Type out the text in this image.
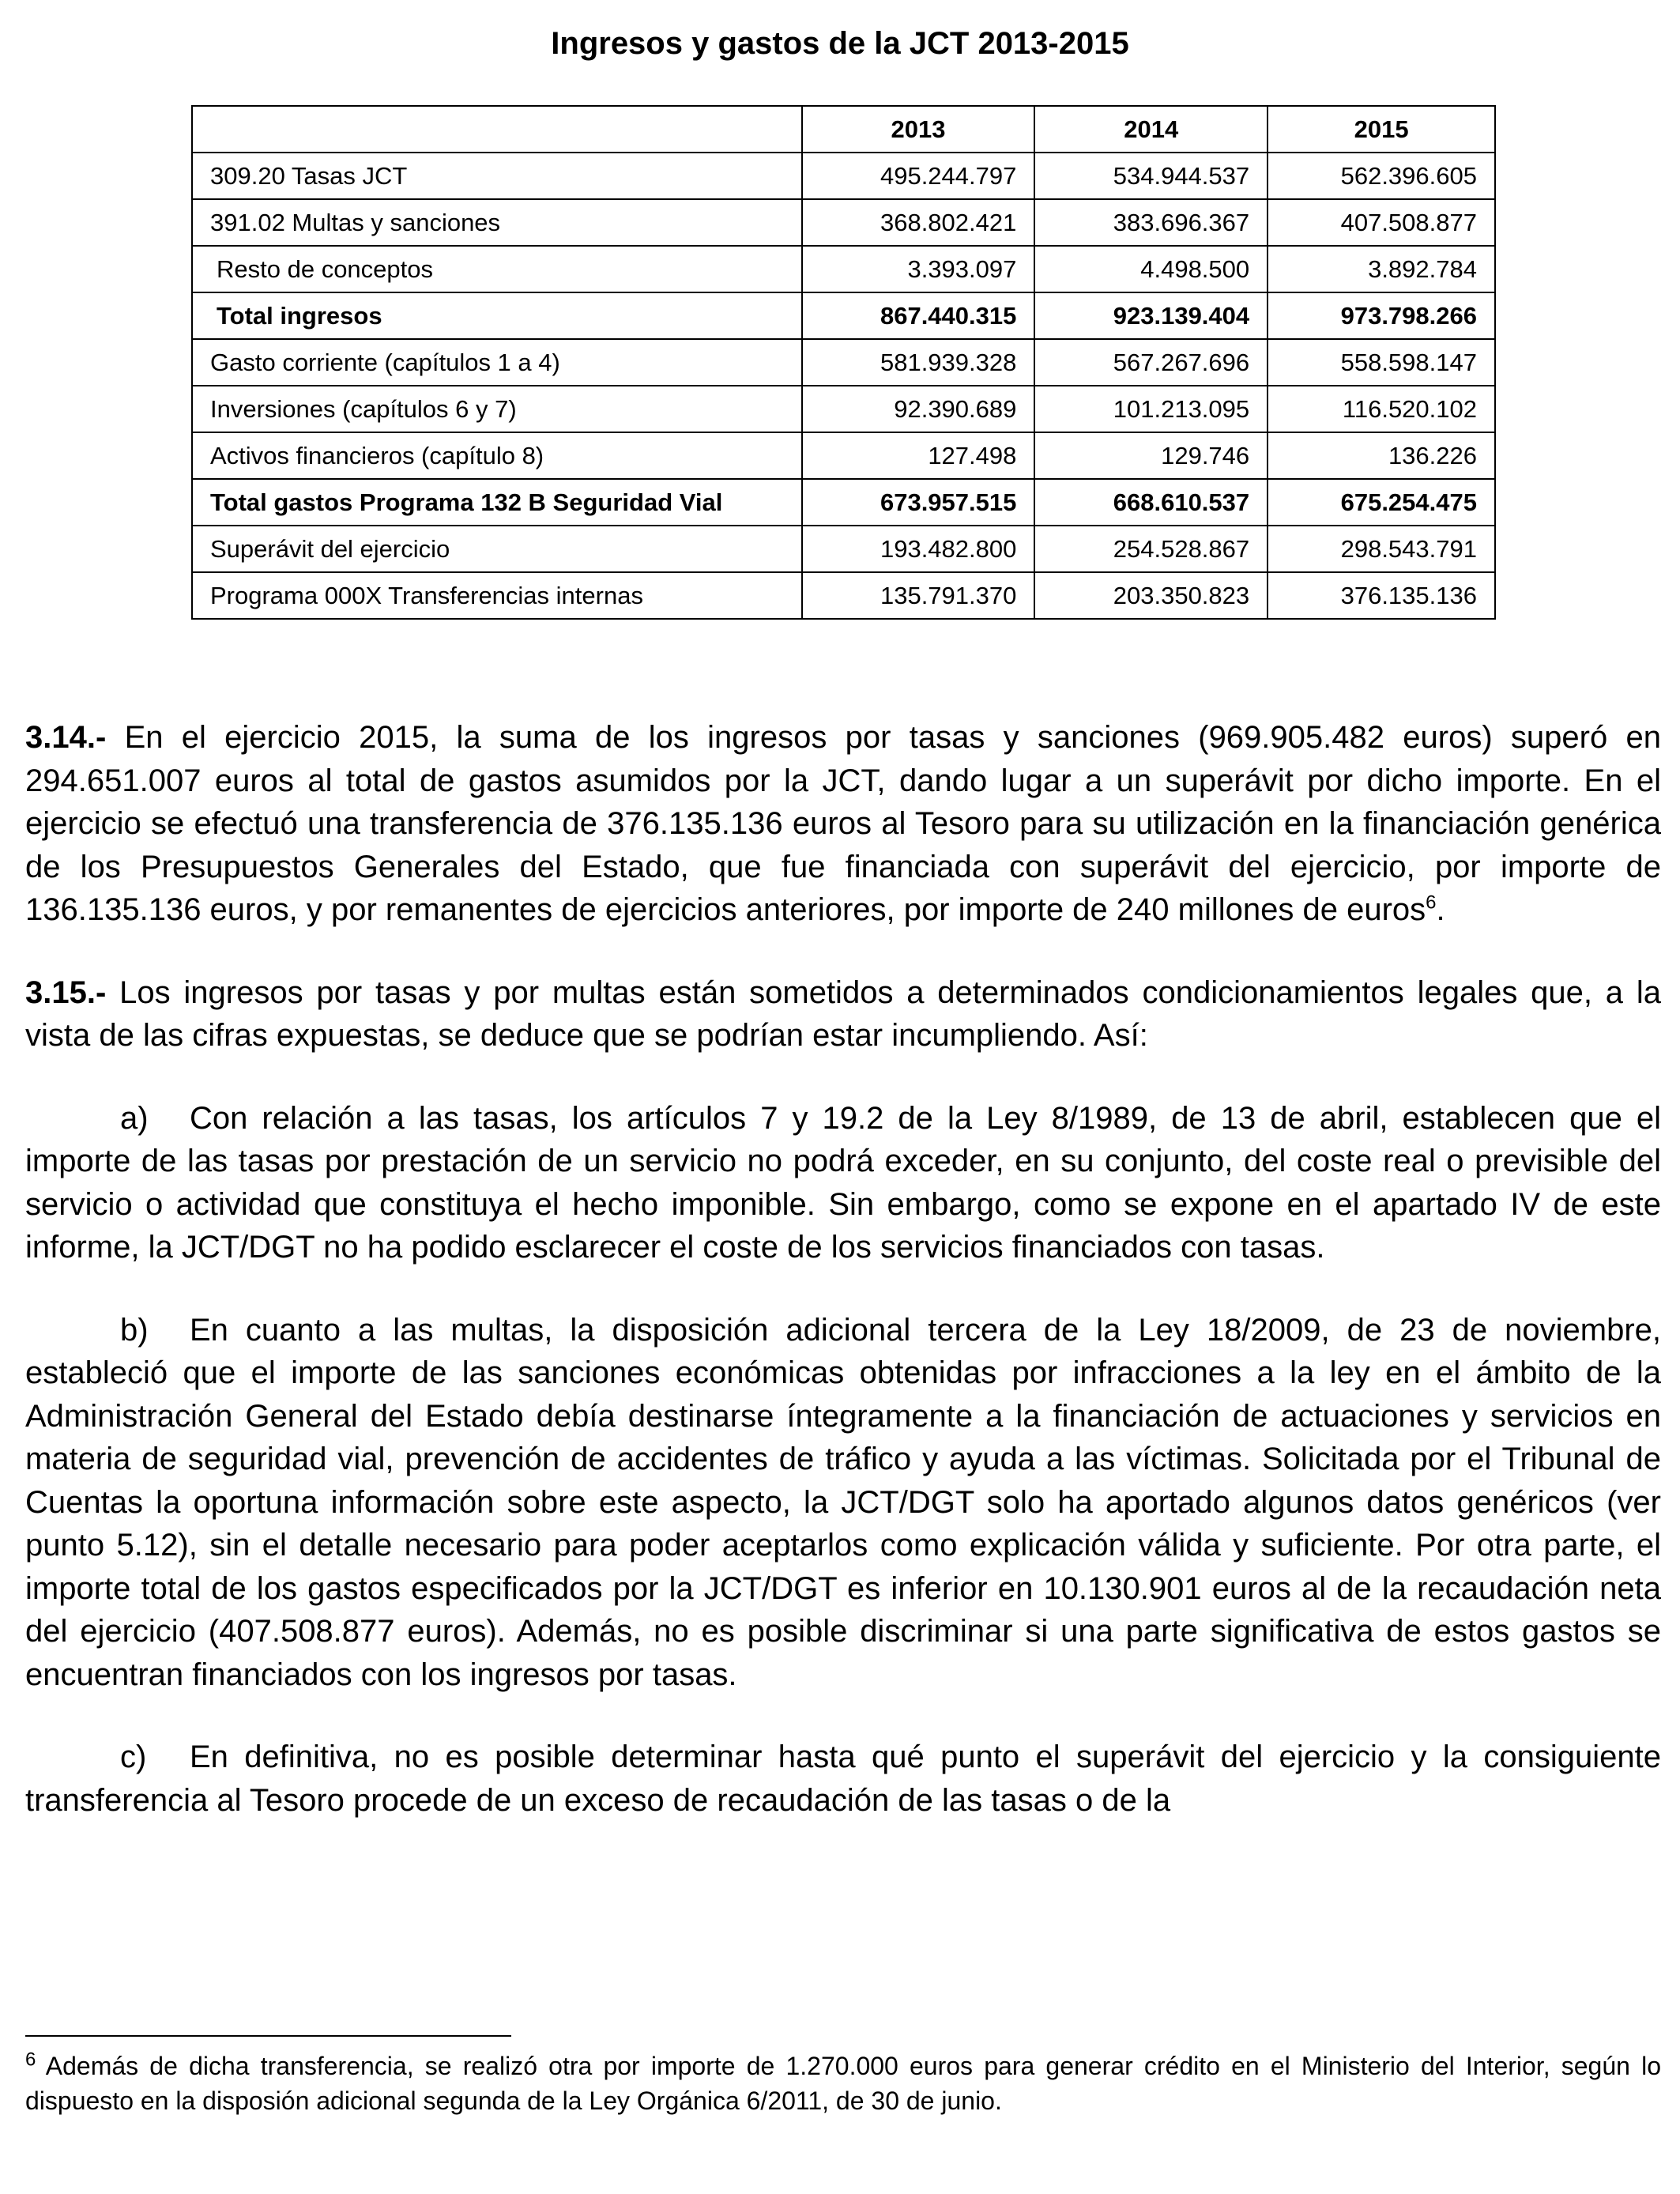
Ingresos y gastos de la JCT 2013-2015
	2013	2014	2015
309.20 Tasas JCT	495.244.797	534.944.537	562.396.605
391.02 Multas y sanciones	368.802.421	383.696.367	407.508.877
Resto de conceptos	3.393.097	4.498.500	3.892.784
Total ingresos	867.440.315	923.139.404	973.798.266
Gasto corriente (capítulos 1 a 4)	581.939.328	567.267.696	558.598.147
Inversiones (capítulos 6 y 7)	92.390.689	101.213.095	116.520.102
Activos financieros (capítulo 8)	127.498	129.746	136.226
Total gastos Programa 132 B Seguridad Vial	673.957.515	668.610.537	675.254.475
Superávit del ejercicio	193.482.800	254.528.867	298.543.791
Programa 000X Transferencias internas	135.791.370	203.350.823	376.135.136

3.14.- En el ejercicio 2015, la suma de los ingresos por tasas y sanciones (969.905.482 euros) superó en 294.651.007 euros al total de gastos asumidos por la JCT, dando lugar a un superávit por dicho importe. En el ejercicio se efectuó una transferencia de 376.135.136 euros al Tesoro para su utilización en la financiación genérica de los Presupuestos Generales del Estado, que fue financiada con superávit del ejercicio, por importe de 136.135.136 euros, y por remanentes de ejercicios anteriores, por importe de 240 millones de euros$^6$.

3.15.- Los ingresos por tasas y por multas están sometidos a determinados condicionamientos legales que, a la vista de las cifras expuestas, se deduce que se podrían estar incumpliendo. Así:

a) Con relación a las tasas, los artículos 7 y 19.2 de la Ley 8/1989, de 13 de abril, establecen que el importe de las tasas por prestación de un servicio no podrá exceder, en su conjunto, del coste real o previsible del servicio o actividad que constituya el hecho imponible. Sin embargo, como se expone en el apartado IV de este informe, la JCT/DGT no ha podido esclarecer el coste de los servicios financiados con tasas.

b) En cuanto a las multas, la disposición adicional tercera de la Ley 18/2009, de 23 de noviembre, estableció que el importe de las sanciones económicas obtenidas por infracciones a la ley en el ámbito de la Administración General del Estado debía destinarse íntegramente a la financiación de actuaciones y servicios en materia de seguridad vial, prevención de accidentes de tráfico y ayuda a las víctimas. Solicitada por el Tribunal de Cuentas la oportuna información sobre este aspecto, la JCT/DGT solo ha aportado algunos datos genéricos (ver punto 5.12), sin el detalle necesario para poder aceptarlos como explicación válida y suficiente. Por otra parte, el importe total de los gastos especificados por la JCT/DGT es inferior en 10.130.901 euros al de la recaudación neta del ejercicio (407.508.877 euros). Además, no es posible discriminar si una parte significativa de estos gastos se encuentran financiados con los ingresos por tasas.

c) En definitiva, no es posible determinar hasta qué punto el superávit del ejercicio y la consiguiente transferencia al Tesoro procede de un exceso de recaudación de las tasas o de la

$^6$ Además de dicha transferencia, se realizó otra por importe de 1.270.000 euros para generar crédito en el Ministerio del Interior, según lo dispuesto en la disposión adicional segunda de la Ley Orgánica 6/2011, de 30 de junio.
